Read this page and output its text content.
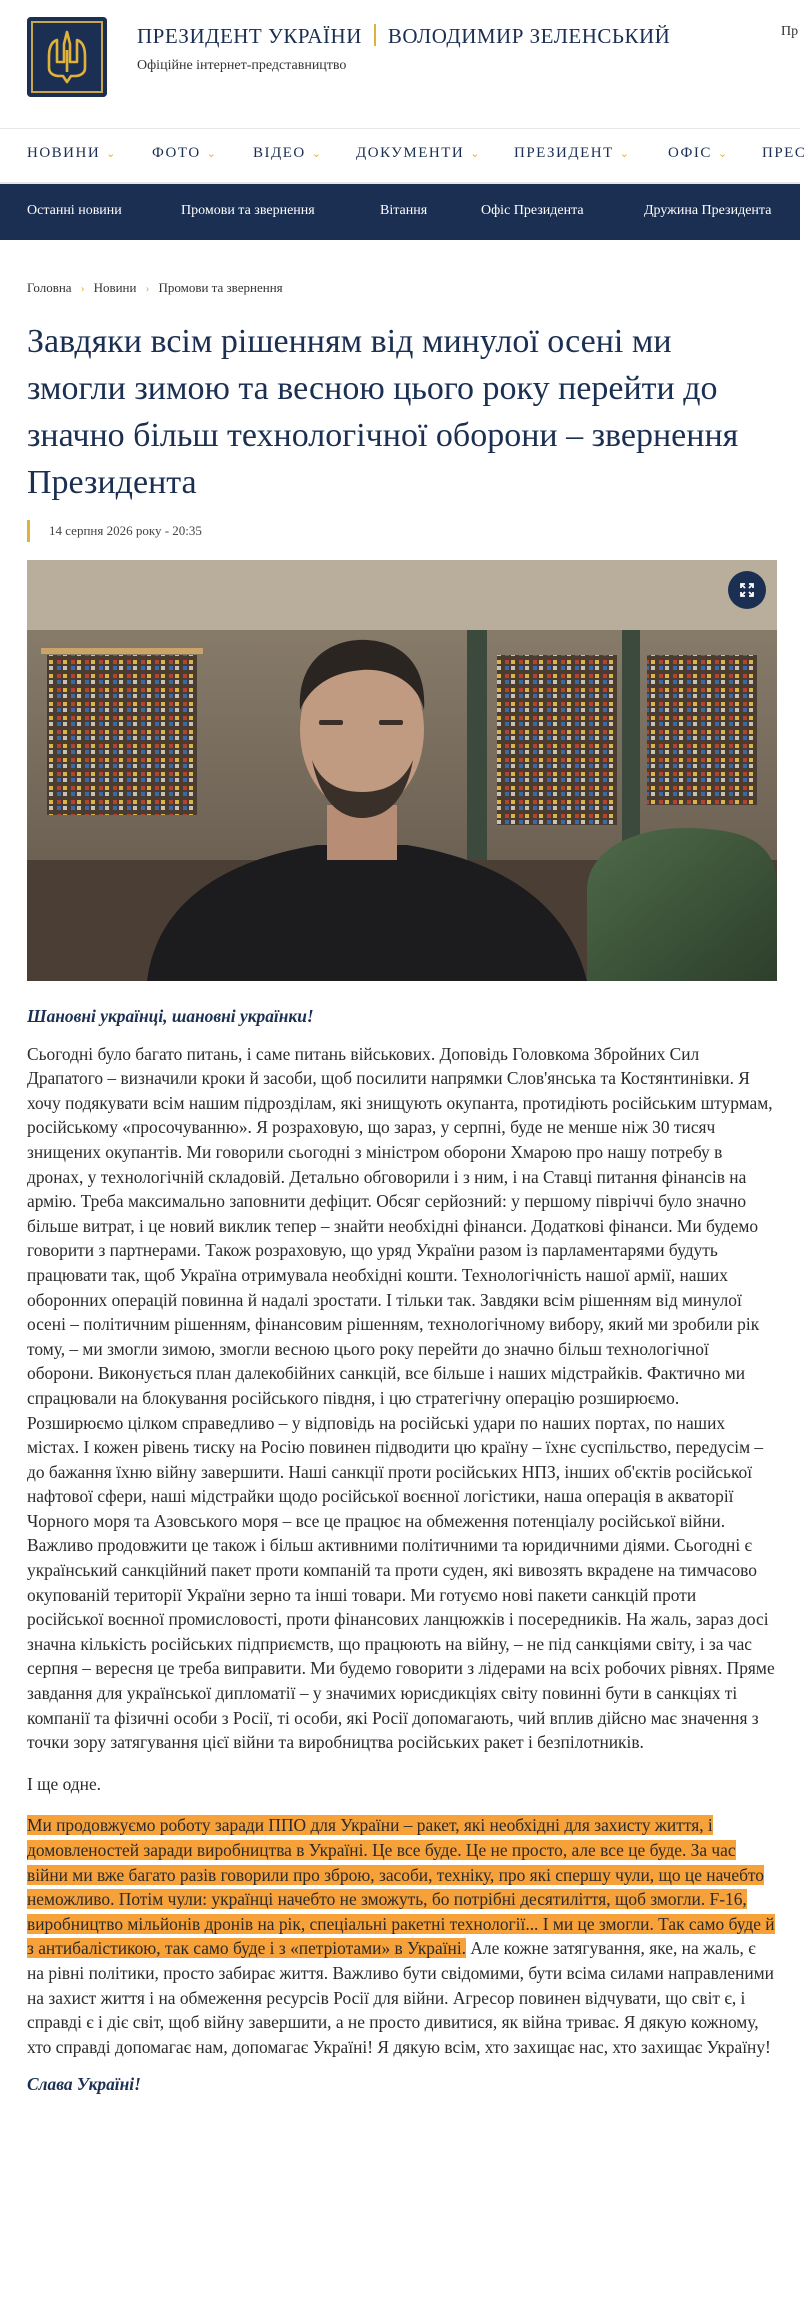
ПРЕЗИДЕНТ УКРАЇНИ ВОЛОДИМИР ЗЕЛЕНСЬКИЙ
Офіційне інтернет-представництво
Пр
НОВИНИ ⌄ ФОТО ⌄ ВІДЕО ⌄ ДОКУМЕНТИ ⌄ ПРЕЗИДЕНТ ⌄	ОФІС ⌄ ПРЕС
Останні новини	Промови та звернення	Вітання	Офіс Президента	Дружина Президента
Головна › Новини › Промови та звернення
Завдяки всім рішенням від минулої осені ми змогли зимою та весною цього року перейти до значно більш технологічної оборони – звернення Президента
14 серпня 2026 року - 20:35

Шановні українці, шановні українки!

Сьогодні було багато питань, і саме питань військових. Доповідь Головкома Збройних Сил Драпатого – визначили кроки й засоби, щоб посилити напрямки Слов'янська та Костянтинівки. Я хочу подякувати всім нашим підрозділам, які знищують окупанта, протидіють російським штурмам, російському «просочуванню». Я розраховую, що зараз, у серпні, буде не менше ніж 30 тисяч знищених окупантів. Ми говорили сьогодні з міністром оборони Хмарою про нашу потребу в дронах, у технологічній складовій. Детально обговорили і з ним, і на Ставці питання фінансів на армію. Треба максимально заповнити дефіцит. Обсяг серйозний: у першому півріччі було значно більше витрат, і це новий виклик тепер – знайти необхідні фінанси. Додаткові фінанси. Ми будемо говорити з партнерами. Також розраховую, що уряд України разом із парламентарями будуть працювати так, щоб Україна отримувала необхідні кошти. Технологічність нашої армії, наших оборонних операцій повинна й надалі зростати. І тільки так. Завдяки всім рішенням від минулої осені – політичним рішенням, фінансовим рішенням, технологічному вибору, який ми зробили рік тому, – ми змогли зимою, змогли весною цього року перейти до значно більш технологічної оборони. Виконується план далекобійних санкцій, все більше і наших мідстрайків. Фактично ми спрацювали на блокування російського півдня, і цю стратегічну операцію розширюємо. Розширюємо цілком справедливо – у відповідь на російські удари по наших портах, по наших містах. І кожен рівень тиску на Росію повинен підводити цю країну – їхнє суспільство, передусім – до бажання їхню війну завершити. Наші санкції проти російських НПЗ, інших об'єктів російської нафтової сфери, наші мідстрайки щодо російської воєнної логістики, наша операція в акваторії Чорного моря та Азовського моря – все це працює на обмеження потенціалу російської війни. Важливо продовжити це також і більш активними політичними та юридичними діями. Сьогодні є український санкційний пакет проти компаній та проти суден, які вивозять вкрадене на тимчасово окупованій території України зерно та інші товари. Ми готуємо нові пакети санкцій проти російської воєнної промисловості, проти фінансових ланцюжків і посередників. На жаль, зараз досі значна кількість російських підприємств, що працюють на війну, – не під санкціями світу, і за час серпня – вересня це треба виправити. Ми будемо говорити з лідерами на всіх робочих рівнях. Пряме завдання для української дипломатії – у значимих юрисдикціях світу повинні бути в санкціях ті компанії та фізичні особи з Росії, ті особи, які Росії допомагають, чий вплив дійсно має значення з точки зору затягування цієї війни та виробництва російських ракет і безпілотників.

І ще одне.

Ми продовжуємо роботу заради ППО для України – ракет, які необхідні для захисту життя, і домовленостей заради виробництва в Україні. Це все буде. Це не просто, але все це буде. За час війни ми вже багато разів говорили про зброю, засоби, техніку, про які спершу чули, що це начебто неможливо. Потім чули: українці начебто не зможуть, бо потрібні десятиліття, щоб змогли. F-16, виробництво мільйонів дронів на рік, спеціальні ракетні технології... І ми це змогли. Так само буде й з антибалістикою, так само буде і з «петріотами» в Україні. Але кожне затягування, яке, на жаль, є на рівні політики, просто забирає життя. Важливо бути свідомими, бути всіма силами направленими на захист життя і на обмеження ресурсів Росії для війни. Агресор повинен відчувати, що світ є, і справді є і діє світ, щоб війну завершити, а не просто дивитися, як війна триває. Я дякую кожному, хто справді допомагає нам, допомагає Україні! Я дякую всім, хто захищає нас, хто захищає Україну!

Слава Україні!
